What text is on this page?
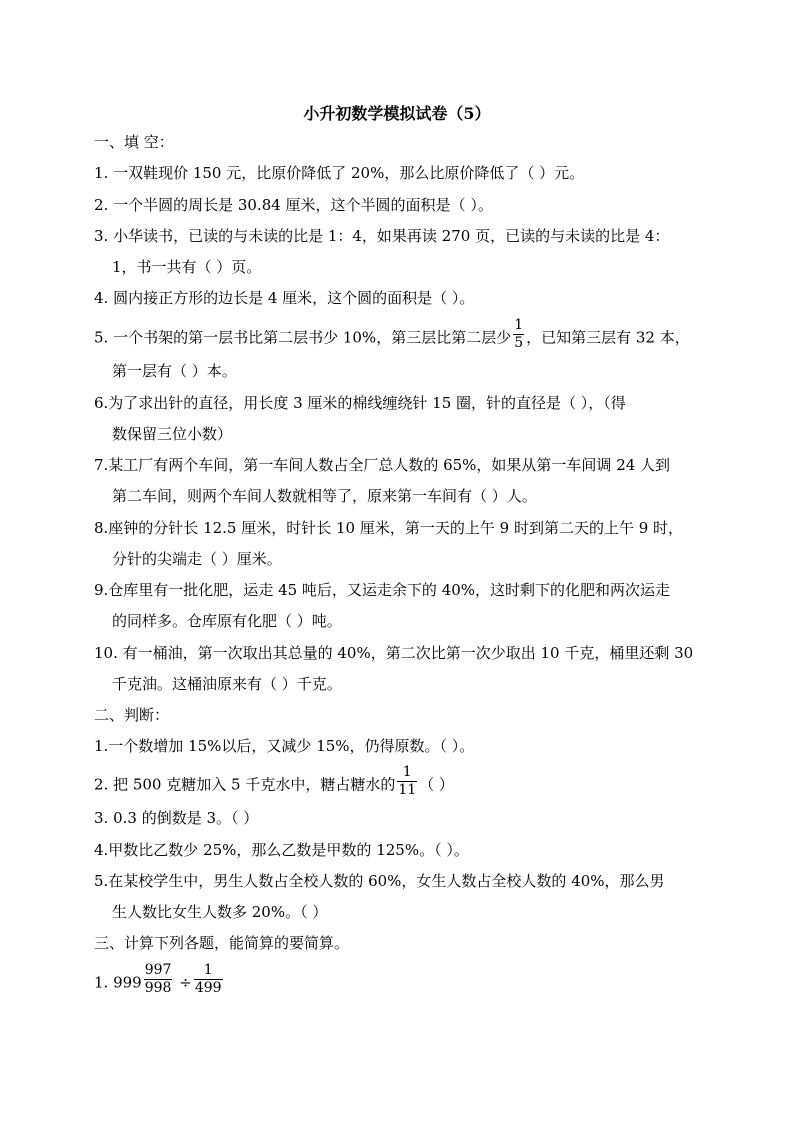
小升初数学模拟试卷（5）
一、填 空：
1. 一双鞋现价 150 元，比原价降低了 20%，那么比原价降低了（ ）元。
2. 一个半圆的周长是 30.84 厘米，这个半圆的面积是（ ）。
3. 小华读书，已读的与未读的比是 1：4，如果再读 270 页，已读的与未读的比是 4：
1，书一共有（ ）页。
4. 圆内接正方形的边长是 4 厘米，这个圆的面积是（ ）。
5. 一个书架的第一层书比第二层书少 10%，第三层比第二层少 $\frac{1}{5}$ ，已知第三层有 32 本，
第一层有（ ）本。
6.为了求出针的直径，用长度 3 厘米的棉线缠绕针 15 圈，针的直径是（ ），（得
数保留三位小数）
7.某工厂有两个车间，第一车间人数占全厂总人数的 65%，如果从第一车间调 24 人到
第二车间，则两个车间人数就相等了，原来第一车间有（ ）人。
8.座钟的分针长 12.5 厘米，时针长 10 厘米，第一天的上午 9 时到第二天的上午 9 时，
分针的尖端走（ ）厘米。
9.仓库里有一批化肥，运走 45 吨后，又运走余下的 40%，这时剩下的化肥和两次运走
的同样多。仓库原有化肥（ ）吨。
10. 有一桶油，第一次取出其总量的 40%，第二次比第一次少取出 10 千克，桶里还剩 30
千克油。这桶油原来有（ ）千克。
二、判断：
1.一个数增加 15%以后，又减少 15%，仍得原数。（ ）。
2. 把 500 克糖加入 5 千克水中，糖占糖水的 $\frac{1}{11}$ （ ）
3. 0.3 的倒数是 3。（ ）
4.甲数比乙数少 25%，那么乙数是甲数的 125%。（ ）。
5.在某校学生中，男生人数占全校人数的 60%，女生人数占全校人数的 40%，那么男
生人数比女生人数多 20%。（ ）
三、计算下列各题，能简算的要简算。
1. $999 \frac{997}{998} \div \frac{1}{499}$
